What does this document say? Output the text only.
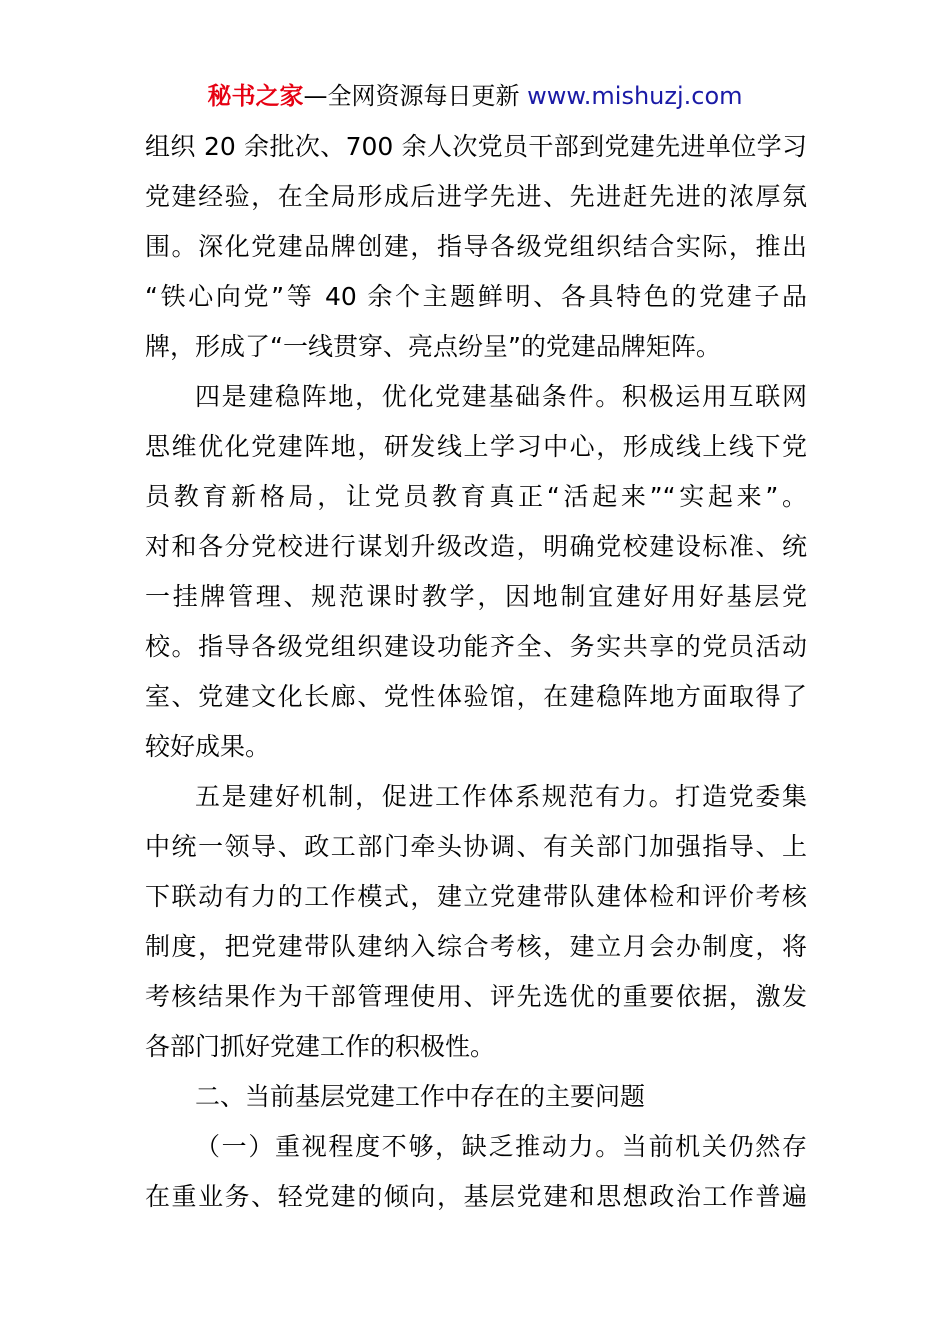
秘书之家—全网资源每日更新 www.mishuzj.com
组织 20 余批次、700 余人次党员干部到党建先进单位学习
党建经验，在全局形成后进学先进、先进赶先进的浓厚氛
围。深化党建品牌创建，指导各级党组织结合实际，推出
“铁心向党”等 40 余个主题鲜明、各具特色的党建子品
牌，形成了“一线贯穿、亮点纷呈”的党建品牌矩阵。
四是建稳阵地，优化党建基础条件。积极运用互联网
思维优化党建阵地，研发线上学习中心，形成线上线下党
员教育新格局，让党员教育真正“活起来”“实起来”。
对和各分党校进行谋划升级改造，明确党校建设标准、统
一挂牌管理、规范课时教学，因地制宜建好用好基层党
校。指导各级党组织建设功能齐全、务实共享的党员活动
室、党建文化长廊、党性体验馆，在建稳阵地方面取得了
较好成果。
五是建好机制，促进工作体系规范有力。打造党委集
中统一领导、政工部门牵头协调、有关部门加强指导、上
下联动有力的工作模式，建立党建带队建体检和评价考核
制度，把党建带队建纳入综合考核，建立月会办制度，将
考核结果作为干部管理使用、评先选优的重要依据，激发
各部门抓好党建工作的积极性。
二、当前基层党建工作中存在的主要问题
（一）重视程度不够，缺乏推动力。当前机关仍然存
在重业务、轻党建的倾向，基层党建和思想政治工作普遍
